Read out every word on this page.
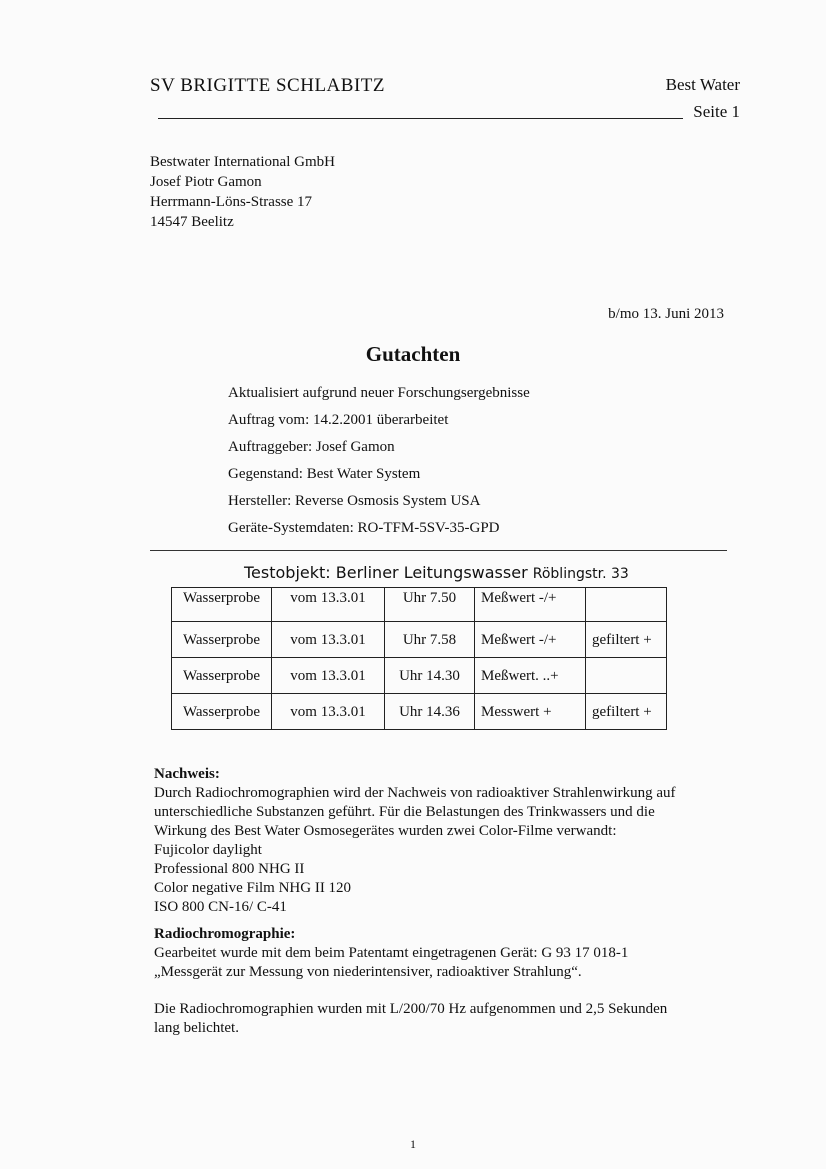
SV BRIGITTE SCHLABITZ	Best Water
Seite 1
Bestwater International GmbH
Josef Piotr Gamon
Herrmann-Löns-Strasse 17
14547 Beelitz
b/mo 13. Juni 2013
Gutachten
Aktualisiert aufgrund neuer Forschungsergebnisse
Auftrag vom: 14.2.2001 überarbeitet
Auftraggeber: Josef Gamon
Gegenstand: Best Water System
Hersteller: Reverse Osmosis System USA
Geräte-Systemdaten: RO-TFM-5SV-35-GPD
Testobjekt: Berliner Leitungswasser Röblingstr. 33
Wasserprobe	vom 13.3.01	Uhr 7.50	Meßwert -/+	
Wasserprobe	vom 13.3.01	Uhr 7.58	Meßwert -/+	gefiltert +
Wasserprobe	vom 13.3.01	Uhr 14.30	Meßwert. ..+	
Wasserprobe	vom 13.3.01	Uhr 14.36	Messwert +	gefiltert +
Nachweis:
Durch Radiochromographien wird der Nachweis von radioaktiver Strahlenwirkung auf
unterschiedliche Substanzen geführt. Für die Belastungen des Trinkwassers und die
Wirkung des Best Water Osmosegerätes wurden zwei Color-Filme verwandt:
Fujicolor daylight
Professional 800 NHG II
Color negative Film NHG II 120
ISO 800 CN-16/ C-41
Radiochromographie:
Gearbeitet wurde mit dem beim Patentamt eingetragenen Gerät: G 93 17 018-1
„Messgerät zur Messung von niederintensiver, radioaktiver Strahlung“.
Die Radiochromographien wurden mit L/200/70 Hz aufgenommen und 2,5 Sekunden
lang belichtet.
1
